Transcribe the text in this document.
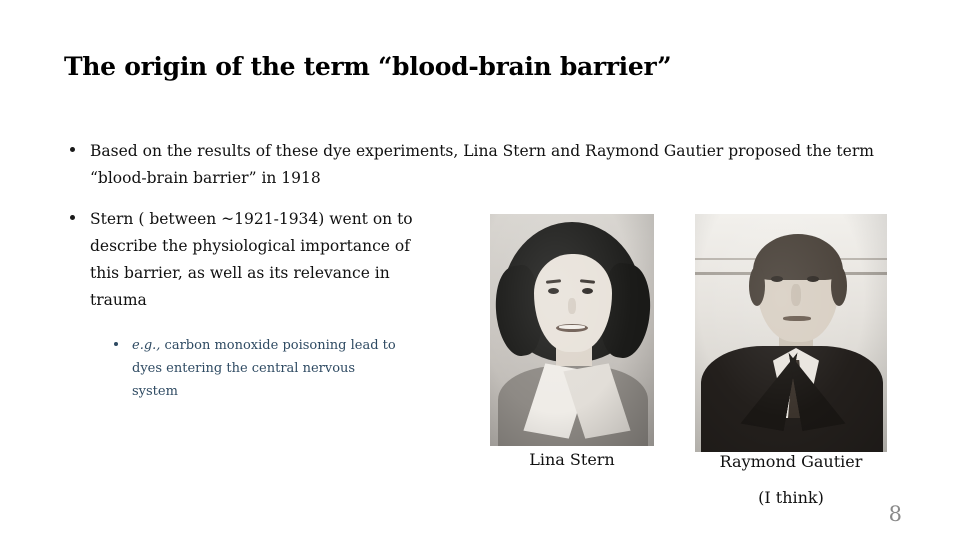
The origin of the term “blood-brain barrier”
Based on the results of these dye experiments, Lina Stern and Raymond Gautier proposed the term “blood-brain barrier” in 1918
Stern ( between ~1921-1934) went on to describe the physiological importance of this barrier, as well as its relevance in trauma
e.g., carbon monoxide poisoning lead to dyes entering the central nervous system
Lina Stern	Raymond Gautier
(I think)
8
